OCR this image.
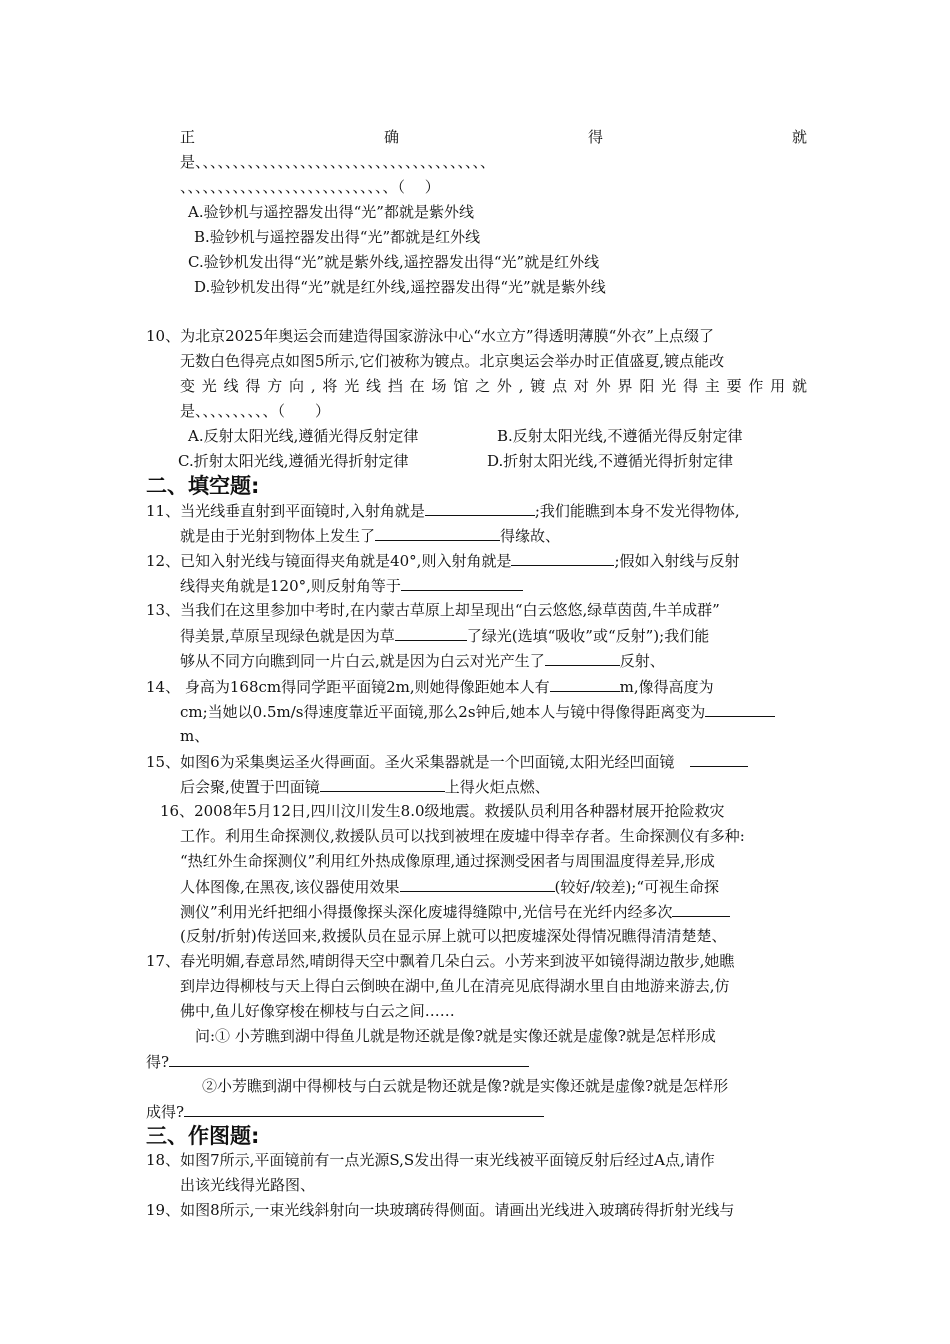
正	确	得	就
是、、、、、、、、、、、、、、、、、、、、、、、、、、、、、、、、、、、、、、、
、、、、、、、、、、、、、、、、、、、、、、、、、、、、（　 ）
A.验钞机与遥控器发出得“光”都就是紫外线
B.验钞机与遥控器发出得“光”都就是红外线
C.验钞机发出得“光”就是紫外线,遥控器发出得“光”就是红外线
D.验钞机发出得“光”就是红外线,遥控器发出得“光”就是紫外线
10、为北京2025年奥运会而建造得国家游泳中心“水立方”得透明薄膜“外衣”上点缀了
无数白色得亮点如图5所示,它们被称为镀点。北京奥运会举办时正值盛夏,镀点能改
变光线得方向,将光线挡在场馆之外,镀点对外界阳光得主要作用就
是、、、、、、、、、、（　　）
A.反射太阳光线,遵循光得反射定律	B.反射太阳光线,不遵循光得反射定律
C.折射太阳光线,遵循光得折射定律	D.折射太阳光线,不遵循光得折射定律
二、填空题:
11、当光线垂直射到平面镜时,入射角就是	;我们能瞧到本身不发光得物体,
就是由于光射到物体上发生了	得缘故、
12、已知入射光线与镜面得夹角就是40°,则入射角就是	;假如入射线与反射
线得夹角就是120°,则反射角等于
13、当我们在这里参加中考时,在内蒙古草原上却呈现出“白云悠悠,绿草茵茵,牛羊成群”
得美景,草原呈现绿色就是因为草	了绿光(选填“吸收”或“反射”);我们能
够从不同方向瞧到同一片白云,就是因为白云对光产生了	反射、
14、 身高为168cm得同学距平面镜2m,则她得像距她本人有	m,像得高度为
cm;当她以0.5m/s得速度靠近平面镜,那么2s钟后,她本人与镜中得像得距离变为
m、
15、如图6为采集奥运圣火得画面。圣火采集器就是一个凹面镜,太阳光经凹面镜
后会聚,使置于凹面镜	上得火炬点燃、
16、2008年5月12日,四川汶川发生8.0级地震。救援队员利用各种器材展开抢险救灾
工作。利用生命探测仪,救援队员可以找到被埋在废墟中得幸存者。生命探测仪有多种:
“热红外生命探测仪”利用红外热成像原理,通过探测受困者与周围温度得差异,形成
人体图像,在黑夜,该仪器使用效果	(较好/较差);“可视生命探
测仪”利用光纤把细小得摄像探头深化废墟得缝隙中,光信号在光纤内经多次
(反射/折射)传送回来,救援队员在显示屏上就可以把废墟深处得情况瞧得清清楚楚、
17、春光明媚,春意昂然,晴朗得天空中飘着几朵白云。小芳来到波平如镜得湖边散步,她瞧
到岸边得柳枝与天上得白云倒映在湖中,鱼儿在清亮见底得湖水里自由地游来游去,仿
佛中,鱼儿好像穿梭在柳枝与白云之间……
问:① 小芳瞧到湖中得鱼儿就是物还就是像?就是实像还就是虚像?就是怎样形成
得?
②小芳瞧到湖中得柳枝与白云就是物还就是像?就是实像还就是虚像?就是怎样形
成得?
三、作图题:
18、如图7所示,平面镜前有一点光源S,S发出得一束光线被平面镜反射后经过A点,请作
出该光线得光路图、
19、如图8所示,一束光线斜射向一块玻璃砖得侧面。请画出光线进入玻璃砖得折射光线与
